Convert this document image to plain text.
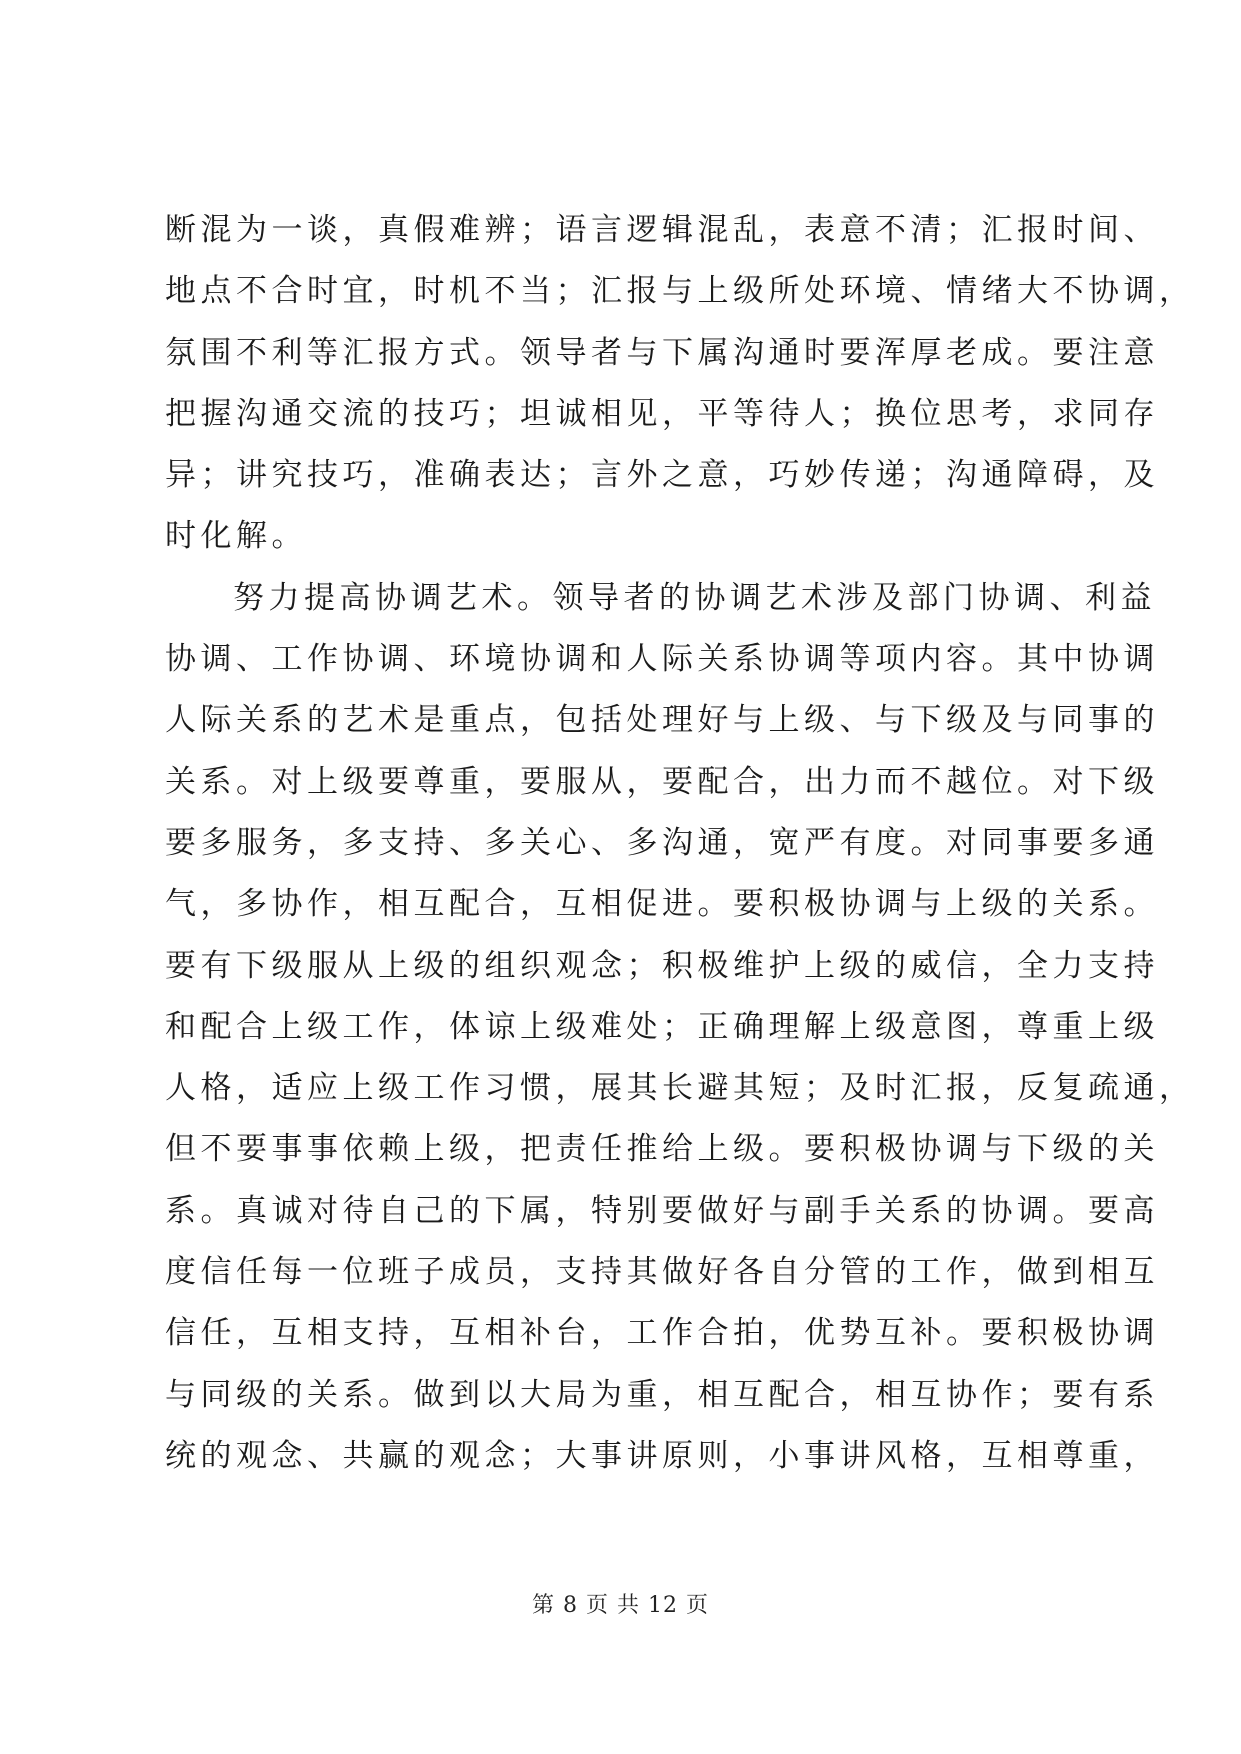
断混为一谈，真假难辨；语言逻辑混乱，表意不清；汇报时间、
地点不合时宜，时机不当；汇报与上级所处环境、情绪大不协调，
氛围不利等汇报方式。领导者与下属沟通时要浑厚老成。要注意
把握沟通交流的技巧；坦诚相见，平等待人；换位思考，求同存
异；讲究技巧，准确表达；言外之意，巧妙传递；沟通障碍，及
时化解。
努力提高协调艺术。领导者的协调艺术涉及部门协调、利益
协调、工作协调、环境协调和人际关系协调等项内容。其中协调
人际关系的艺术是重点，包括处理好与上级、与下级及与同事的
关系。对上级要尊重，要服从，要配合，出力而不越位。对下级
要多服务，多支持、多关心、多沟通，宽严有度。对同事要多通
气，多协作，相互配合，互相促进。要积极协调与上级的关系。
要有下级服从上级的组织观念；积极维护上级的威信，全力支持
和配合上级工作，体谅上级难处；正确理解上级意图，尊重上级
人格，适应上级工作习惯，展其长避其短；及时汇报，反复疏通，
但不要事事依赖上级，把责任推给上级。要积极协调与下级的关
系。真诚对待自己的下属，特别要做好与副手关系的协调。要高
度信任每一位班子成员，支持其做好各自分管的工作，做到相互
信任，互相支持，互相补台，工作合拍，优势互补。要积极协调
与同级的关系。做到以大局为重，相互配合，相互协作；要有系
统的观念、共赢的观念；大事讲原则，小事讲风格，互相尊重，
第 8 页 共 12 页
